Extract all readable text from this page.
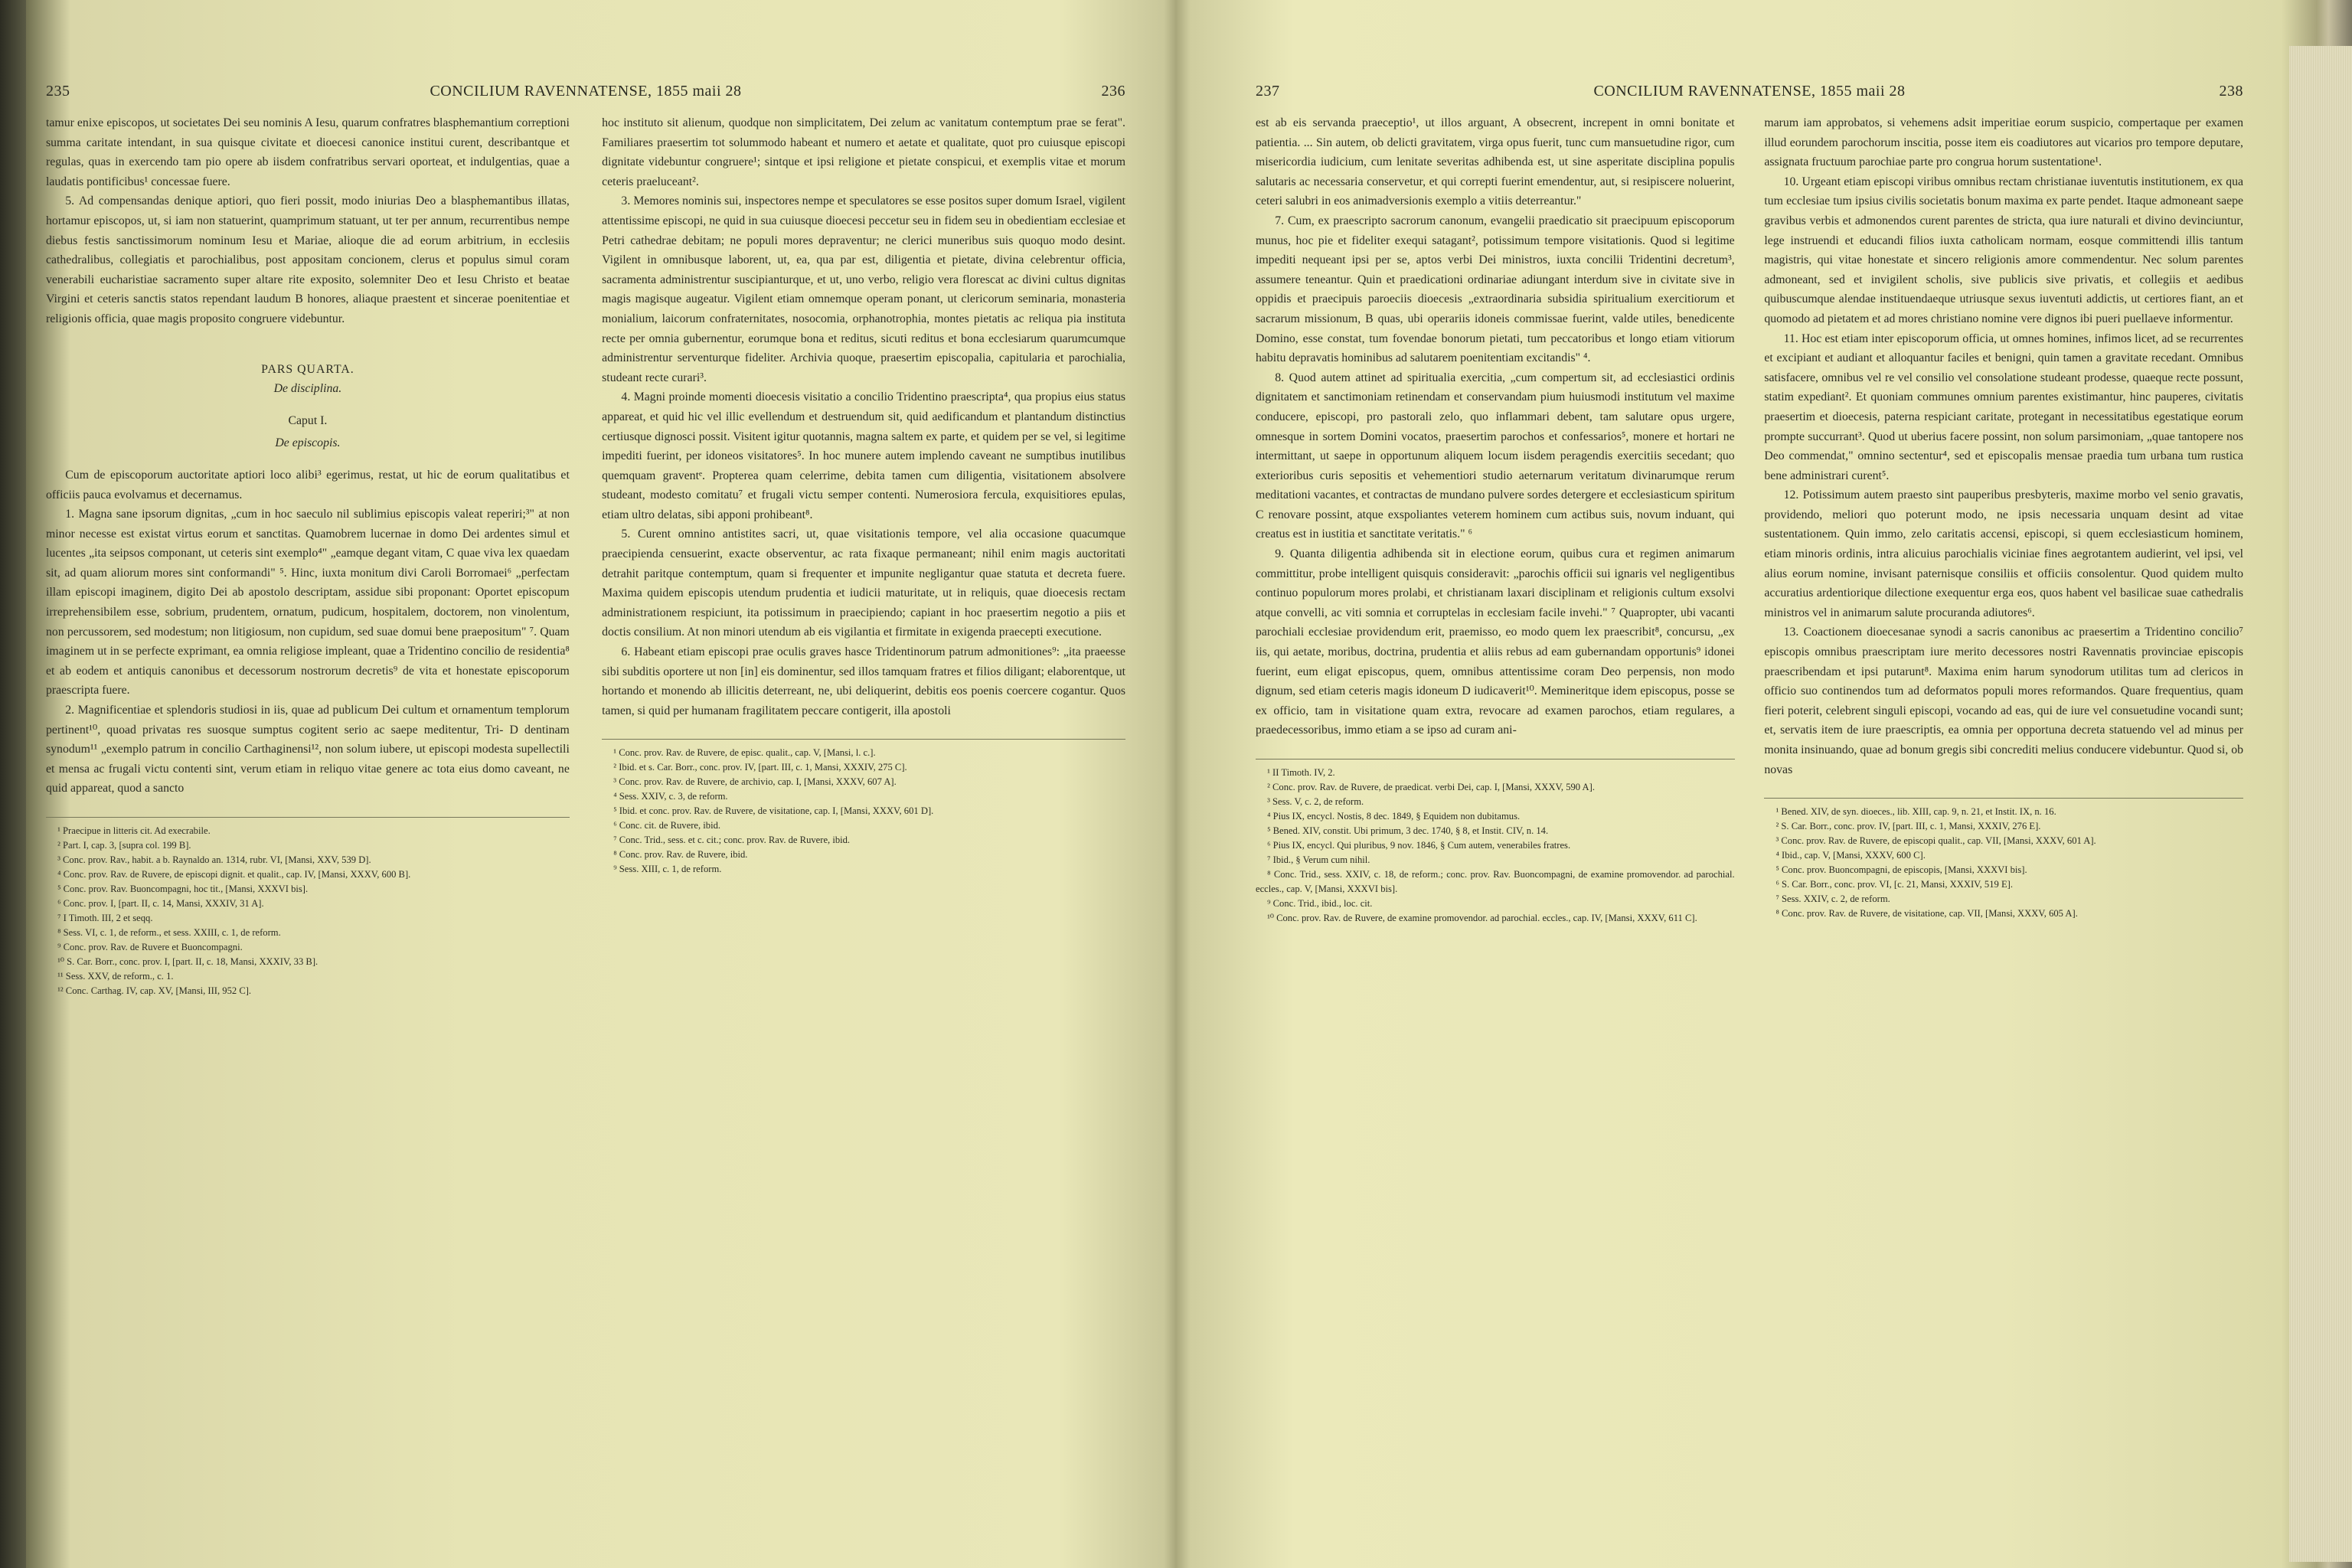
235	CONCILIUM RAVENNATENSE, 1855 maii 28	236

tamur enixe episcopos, ut societates Dei seu nominis A Iesu, quarum confratres blasphemantium correptioni summa caritate intendant, in sua quisque civitate et dioecesi canonice institui curent, describantque et regulas, quas in exercendo tam pio opere ab iisdem confratribus servari oporteat, et indulgentias, quae a laudatis pontificibus¹ concessae fuere.

5. Ad compensandas denique aptiori, quo fieri possit, modo iniurias Deo a blasphemantibus illatas, hortamur episcopos, ut, si iam non statuerint, quamprimum statuant, ut ter per annum, recurrentibus nempe diebus festis sanctissimorum nominum Iesu et Mariae, alioque die ad eorum arbitrium, in ecclesiis cathedralibus, collegiatis et parochialibus, post appositam concionem, clerus et populus simul coram venerabili eucharistiae sacramento super altare rite exposito, solemniter Deo et Iesu Christo et beatae Virgini et ceteris sanctis statos rependant laudum B honores, aliaque praestent et sincerae poenitentiae et religionis officia, quae magis proposito congruere videbuntur.

PARS QUARTA.
De disciplina.
Caput I.
De episcopis.

Cum de episcoporum auctoritate aptiori loco alibi³ egerimus, restat, ut hic de eorum qualitatibus et officiis pauca evolvamus et decernamus.

1. Magna sane ipsorum dignitas, „cum in hoc saeculo nil sublimius episcopis valeat reperiri;³" at non minor necesse est existat virtus eorum et sanctitas. Quamobrem lucernae in domo Dei ardentes simul et lucentes „ita seipsos componant, ut ceteris sint exemplo⁴" „eamque degant vitam, C quae viva lex quaedam sit, ad quam aliorum mores sint conformandi" ⁵. Hinc, iuxta monitum divi Caroli Borromaei⁶ „perfectam illam episcopi imaginem, digito Dei ab apostolo descriptam, assidue sibi proponant: Oportet episcopum irreprehensibilem esse, sobrium, prudentem, ornatum, pudicum, hospitalem, doctorem, non vinolentum, non percussorem, sed modestum; non litigiosum, non cupidum, sed suae domui bene praepositum" ⁷. Quam imaginem ut in se perfecte exprimant, ea omnia religiose impleant, quae a Tridentino concilio de residentia⁸ et ab eodem et antiquis canonibus et decessorum nostrorum decretis⁹ de vita et honestate episcoporum praescripta fuere.

2. Magnificentiae et splendoris studiosi in iis, quae ad publicum Dei cultum et ornamentum templorum pertinent¹⁰, quoad privatas res suosque sumptus cogitent serio ac saepe meditentur, Tri- D dentinam synodum¹¹ „exemplo patrum in concilio Carthaginensi¹², non solum iubere, ut episcopi modesta supellectili et mensa ac frugali victu contenti sint, verum etiam in reliquo vitae genere ac tota eius domo caveant, ne quid appareat, quod a sancto

¹ Praecipue in litteris cit. Ad execrabile.
² Part. I, cap. 3, [supra col. 199 B].
³ Conc. prov. Rav., habit. a b. Raynaldo an. 1314, rubr. VI, [Mansi, XXV, 539 D].
⁴ Conc. prov. Rav. de Ruvere, de episcopi dignit. et qualit., cap. IV, [Mansi, XXXV, 600 B].
⁵ Conc. prov. Rav. Buoncompagni, hoc tit., [Mansi, XXXVI bis].
⁶ Conc. prov. I, [part. II, c. 14, Mansi, XXXIV, 31 A].
⁷ I Timoth. III, 2 et seqq.
⁸ Sess. VI, c. 1, de reform., et sess. XXIII, c. 1, de reform.
⁹ Conc. prov. Rav. de Ruvere et Buoncompagni.
¹⁰ S. Car. Borr., conc. prov. I, [part. II, c. 18, Mansi, XXXIV, 33 B].
¹¹ Sess. XXV, de reform., c. 1.
¹² Conc. Carthag. IV, cap. XV, [Mansi, III, 952 C].

hoc instituto sit alienum, quodque non simplicitatem, Dei zelum ac vanitatum contemptum prae se ferat". Familiares praesertim tot solummodo habeant et numero et aetate et qualitate, quot pro cuiusque episcopi dignitate videbuntur congruere¹; sintque et ipsi religione et pietate conspicui, et exemplis vitae et morum ceteris praeluceant².

3. Memores nominis sui, inspectores nempe et speculatores se esse positos super domum Israel, vigilent attentissime episcopi, ne quid in sua cuiusque dioecesi peccetur seu in fidem seu in obedientiam ecclesiae et Petri cathedrae debitam; ne populi mores depraventur; ne clerici muneribus suis quoquo modo desint. Vigilent in omnibusque laborent, ut, ea, qua par est, diligentia et pietate, divina celebrentur officia, sacramenta administrentur suscipianturque, et ut, uno verbo, religio vera florescat ac divini cultus dignitas magis magisque augeatur. Vigilent etiam omnemque operam ponant, ut clericorum seminaria, monasteria monialium, laicorum confraternitates, nosocomia, orphanotrophia, montes pietatis ac reliqua pia instituta recte per omnia gubernentur, eorumque bona et reditus, sicuti reditus et bona ecclesiarum quarumcumque administrentur serventurque fideliter. Archivia quoque, praesertim episcopalia, capitularia et parochialia, studeant recte curari³.

4. Magni proinde momenti dioecesis visitatio a concilio Tridentino praescripta⁴, qua propius eius status appareat, et quid hic vel illic evellendum et destruendum sit, quid aedificandum et plantandum distinctius certiusque dignosci possit. Visitent igitur quotannis, magna saltem ex parte, et quidem per se vel, si legitime impediti fuerint, per idoneos visitatores⁵. In hoc munere autem implendo caveant ne sumptibus inutilibus quemquam graventᵉ. Propterea quam celerrime, debita tamen cum diligentia, visitationem absolvere studeant, modesto comitatu⁷ et frugali victu semper contenti. Numerosiora fercula, exquisitiores epulas, etiam ultro delatas, sibi apponi prohibeant⁸.

5. Curent omnino antistites sacri, ut, quae visitationis tempore, vel alia occasione quacumque praecipienda censuerint, exacte observentur, ac rata fixaque permaneant; nihil enim magis auctoritati detrahit paritque contemptum, quam si frequenter et impunite negligantur quae statuta et decreta fuere. Maxima quidem episcopis utendum prudentia et iudicii maturitate, ut in reliquis, quae dioecesis rectam administrationem respiciunt, ita potissimum in praecipiendo; capiant in hoc praesertim negotio a piis et doctis consilium. At non minori utendum ab eis vigilantia et firmitate in exigenda praecepti executione.

6. Habeant etiam episcopi prae oculis graves hasce Tridentinorum patrum admonitiones⁹: „ita praeesse sibi subditis oportere ut non [in] eis dominentur, sed illos tamquam fratres et filios diligant; elaborentque, ut hortando et monendo ab illicitis deterreant, ne, ubi deliquerint, debitis eos poenis coercere cogantur. Quos tamen, si quid per humanam fragilitatem peccare contigerit, illa apostoli

¹ Conc. prov. Rav. de Ruvere, de episc. qualit., cap. V, [Mansi, l. c.].
² Ibid. et s. Car. Borr., conc. prov. IV, [part. III, c. 1, Mansi, XXXIV, 275 C].
³ Conc. prov. Rav. de Ruvere, de archivio, cap. I, [Mansi, XXXV, 607 A].
⁴ Sess. XXIV, c. 3, de reform.
⁵ Ibid. et conc. prov. Rav. de Ruvere, de visitatione, cap. I, [Mansi, XXXV, 601 D].
⁶ Conc. cit. de Ruvere, ibid.
⁷ Conc. Trid., sess. et c. cit.; conc. prov. Rav. de Ruvere, ibid.
⁸ Conc. prov. Rav. de Ruvere, ibid.
⁹ Sess. XIII, c. 1, de reform.
237	CONCILIUM RAVENNATENSE, 1855 maii 28	238

est ab eis servanda praeceptio¹, ut illos arguant, A obsecrent, increpent in omni bonitate et patientia. ... Sin autem, ob delicti gravitatem, virga opus fuerit, tunc cum mansuetudine rigor, cum misericordia iudicium, cum lenitate severitas adhibenda est, ut sine asperitate disciplina populis salutaris ac necessaria conservetur, et qui correpti fuerint emendentur, aut, si resipiscere noluerint, ceteri salubri in eos animadversionis exemplo a vitiis deterreantur."

7. Cum, ex praescripto sacrorum canonum, evangelii praedicatio sit praecipuum episcoporum munus, hoc pie et fideliter exequi satagant², potissimum tempore visitationis. Quod si legitime impediti nequeant ipsi per se, aptos verbi Dei ministros, iuxta concilii Tridentini decretum³, assumere teneantur. Quin et praedicationi ordinariae adiungant interdum sive in civitate sive in oppidis et praecipuis paroeciis dioecesis „extraordinaria subsidia spiritualium exercitiorum et sacrarum missionum, B quas, ubi operariis idoneis commissae fuerint, valde utiles, benedicente Domino, esse constat, tum fovendae bonorum pietati, tum peccatoribus et longo etiam vitiorum habitu depravatis hominibus ad salutarem poenitentiam excitandis" ⁴.

8. Quod autem attinet ad spiritualia exercitia, „cum compertum sit, ad ecclesiastici ordinis dignitatem et sanctimoniam retinendam et conservandam pium huiusmodi institutum vel maxime conducere, episcopi, pro pastorali zelo, quo inflammari debent, tam salutare opus urgere, omnesque in sortem Domini vocatos, praesertim parochos et confessarios⁵, monere et hortari ne intermittant, ut saepe in opportunum aliquem locum iisdem peragendis exercitiis secedant; quo exterioribus curis sepositis et vehementiori studio aeternarum veritatum divinarumque rerum meditationi vacantes, et contractas de mundano pulvere sordes detergere et ecclesiasticum spiritum C renovare possint, atque exspoliantes veterem hominem cum actibus suis, novum induant, qui creatus est in iustitia et sanctitate veritatis." ⁶

9. Quanta diligentia adhibenda sit in electione eorum, quibus cura et regimen animarum committitur, probe intelligent quisquis consideravit: „parochis officii sui ignaris vel negligentibus continuo populorum mores prolabi, et christianam laxari disciplinam et religionis cultum exsolvi atque convelli, ac viti somnia et corruptelas in ecclesiam facile invehi." ⁷ Quapropter, ubi vacanti parochiali ecclesiae providendum erit, praemisso, eo modo quem lex praescribit⁸, concursu, „ex iis, qui aetate, moribus, doctrina, prudentia et aliis rebus ad eam gubernandam opportunis⁹ idonei fuerint, eum eligat episcopus, quem, omnibus attentissime coram Deo perpensis, non modo dignum, sed etiam ceteris magis idoneum D iudicaverit¹⁰. Memineritque idem episcopus, posse se ex officio, tam in visitatione quam extra, revocare ad examen parochos, etiam regulares, a praedecessoribus, immo etiam a se ipso ad curam ani-

¹ II Timoth. IV, 2.
² Conc. prov. Rav. de Ruvere, de praedicat. verbi Dei, cap. I, [Mansi, XXXV, 590 A].
³ Sess. V, c. 2, de reform.
⁴ Pius IX, encycl. Nostis, 8 dec. 1849, § Equidem non dubitamus.
⁵ Bened. XIV, constit. Ubi primum, 3 dec. 1740, § 8, et Instit. CIV, n. 14.
⁶ Pius IX, encycl. Qui pluribus, 9 nov. 1846, § Cum autem, venerabiles fratres.
⁷ Ibid., § Verum cum nihil.
⁸ Conc. Trid., sess. XXIV, c. 18, de reform.; conc. prov. Rav. Buoncompagni, de examine promovendor. ad parochial. eccles., cap. V, [Mansi, XXXVI bis].
⁹ Conc. Trid., ibid., loc. cit.
¹⁰ Conc. prov. Rav. de Ruvere, de examine promovendor. ad parochial. eccles., cap. IV, [Mansi, XXXV, 611 C].

marum iam approbatos, si vehemens adsit imperitiae eorum suspicio, compertaque per examen illud eorundem parochorum inscitia, posse item eis coadiutores aut vicarios pro tempore deputare, assignata fructuum parochiae parte pro congrua horum sustentatione¹.

10. Urgeant etiam episcopi viribus omnibus rectam christianae iuventutis institutionem, ex qua tum ecclesiae tum ipsius civilis societatis bonum maxima ex parte pendet. Itaque admoneant saepe gravibus verbis et admonendos curent parentes de stricta, qua iure naturali et divino devinciuntur, lege instruendi et educandi filios iuxta catholicam normam, eosque committendi illis tantum magistris, qui vitae honestate et sincero religionis amore commendentur. Nec solum parentes admoneant, sed et invigilent scholis, sive publicis sive privatis, et collegiis et aedibus quibuscumque alendae instituendaeque utriusque sexus iuventuti addictis, ut certiores fiant, an et quomodo ad pietatem et ad mores christiano nomine vere dignos ibi pueri puellaeve informentur.

11. Hoc est etiam inter episcoporum officia, ut omnes homines, infimos licet, ad se recurrentes et excipiant et audiant et alloquantur faciles et benigni, quin tamen a gravitate recedant. Omnibus satisfacere, omnibus vel re vel consilio vel consolatione studeant prodesse, quaeque recte possunt, statim expediant². Et quoniam communes omnium parentes existimantur, hinc pauperes, civitatis praesertim et dioecesis, paterna respiciant caritate, protegant in necessitatibus egestatique eorum prompte succurrant³. Quod ut uberius facere possint, non solum parsimoniam, „quae tantopere nos Deo commendat," omnino sectentur⁴, sed et episcopalis mensae praedia tum urbana tum rustica bene administrari curent⁵.

12. Potissimum autem praesto sint pauperibus presbyteris, maxime morbo vel senio gravatis, providendo, meliori quo poterunt modo, ne ipsis necessaria unquam desint ad vitae sustentationem. Quin immo, zelo caritatis accensi, episcopi, si quem ecclesiasticum hominem, etiam minoris ordinis, intra alicuius parochialis viciniae fines aegrotantem audierint, vel ipsi, vel alius eorum nomine, invisant paternisque consiliis et officiis consolentur. Quod quidem multo accuratius ardentiorique dilectione exequentur erga eos, quos habent vel basilicae suae cathedralis ministros vel in animarum salute procuranda adiutores⁶.

13. Coactionem dioecesanae synodi a sacris canonibus ac praesertim a Tridentino concilio⁷ episcopis omnibus praescriptam iure merito decessores nostri Ravennatis provinciae episcopis praescribendam et ipsi putarunt⁸. Maxima enim harum synodorum utilitas tum ad clericos in officio suo continendos tum ad deformatos populi mores reformandos. Quare frequentius, quam fieri poterit, celebrent singuli episcopi, vocando ad eas, qui de iure vel consuetudine vocandi sunt; et, servatis item de iure praescriptis, ea omnia per opportuna decreta statuendo vel ad minus per monita insinuando, quae ad bonum gregis sibi concrediti melius conducere videbuntur. Quod si, ob novas

¹ Bened. XIV, de syn. dioeces., lib. XIII, cap. 9, n. 21, et Instit. IX, n. 16.
² S. Car. Borr., conc. prov. IV, [part. III, c. 1, Mansi, XXXIV, 276 E].
³ Conc. prov. Rav. de Ruvere, de episcopi qualit., cap. VII, [Mansi, XXXV, 601 A].
⁴ Ibid., cap. V, [Mansi, XXXV, 600 C].
⁵ Conc. prov. Buoncompagni, de episcopis, [Mansi, XXXVI bis].
⁶ S. Car. Borr., conc. prov. VI, [c. 21, Mansi, XXXIV, 519 E].
⁷ Sess. XXIV, c. 2, de reform.
⁸ Conc. prov. Rav. de Ruvere, de visitatione, cap. VII, [Mansi, XXXV, 605 A].
